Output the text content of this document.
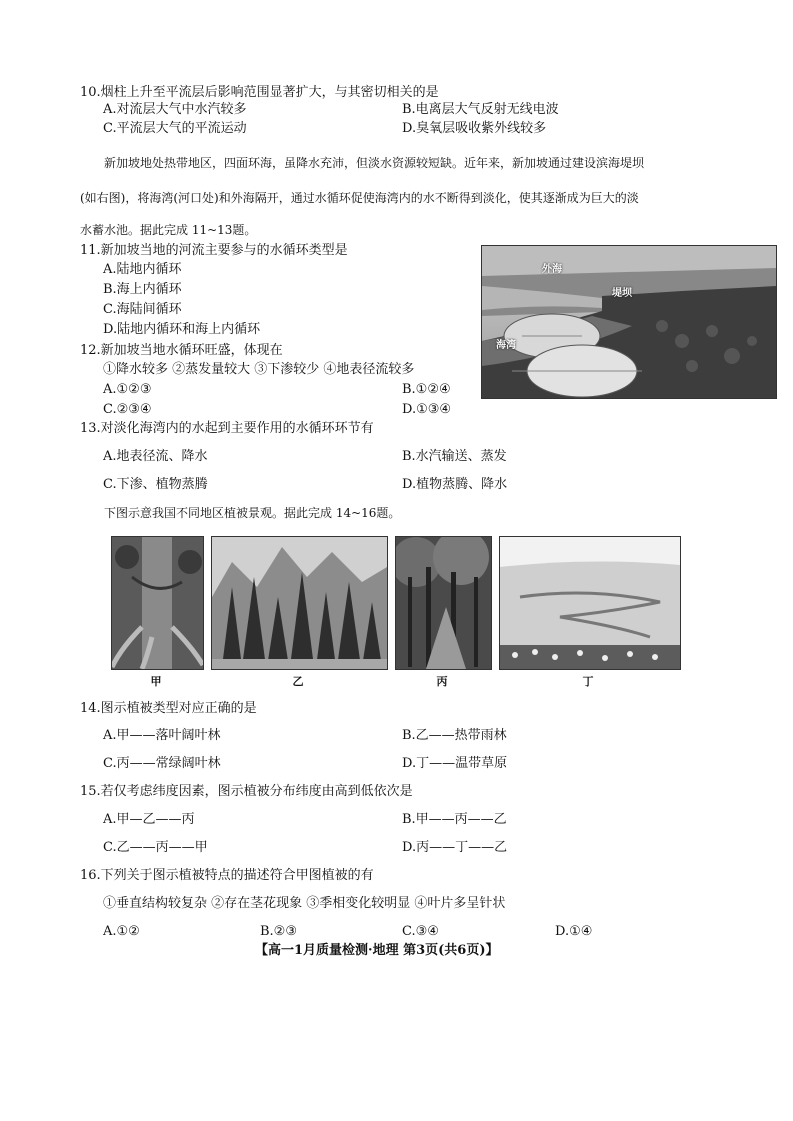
10.烟柱上升至平流层后影响范围显著扩大，与其密切相关的是
A.对流层大气中水汽较多	B.电离层大气反射无线电波
C.平流层大气的平流运动	D.臭氧层吸收紫外线较多
新加坡地处热带地区，四面环海，虽降水充沛，但淡水资源较短缺。近年来，新加坡通过建设滨海堤坝
(如右图)，将海湾(河口处)和外海隔开，通过水循环促使海湾内的水不断得到淡化，使其逐渐成为巨大的淡
水蓄水池。据此完成 11~13题。
11.新加坡当地的河流主要参与的水循环类型是
A.陆地内循环
B.海上内循环
C.海陆间循环
D.陆地内循环和海上内循环
12.新加坡当地水循环旺盛，体现在
①降水较多 ②蒸发量较大 ③下渗较少 ④地表径流较多
A.①②③	B.①②④
C.②③④	D.①③④
外海
堤坝
海湾
13.对淡化海湾内的水起到主要作用的水循环环节有
A.地表径流、降水	B.水汽输送、蒸发
C.下渗、植物蒸腾	D.植物蒸腾、降水
下图示意我国不同地区植被景观。据此完成 14~16题。
甲	乙	丙	丁
14.图示植被类型对应正确的是
A.甲——落叶阔叶林	B.乙——热带雨林
C.丙——常绿阔叶林	D.丁——温带草原
15.若仅考虑纬度因素，图示植被分布纬度由高到低依次是
A.甲—乙——丙	B.甲——丙——乙
C.乙——丙——甲	D.丙——丁——乙
16.下列关于图示植被特点的描述符合甲图植被的有
①垂直结构较复杂 ②存在茎花现象 ③季相变化较明显 ④叶片多呈针状
A.①②	B.②③	C.③④	D.①④
【高一1月质量检测·地理 第3页(共6页)】
